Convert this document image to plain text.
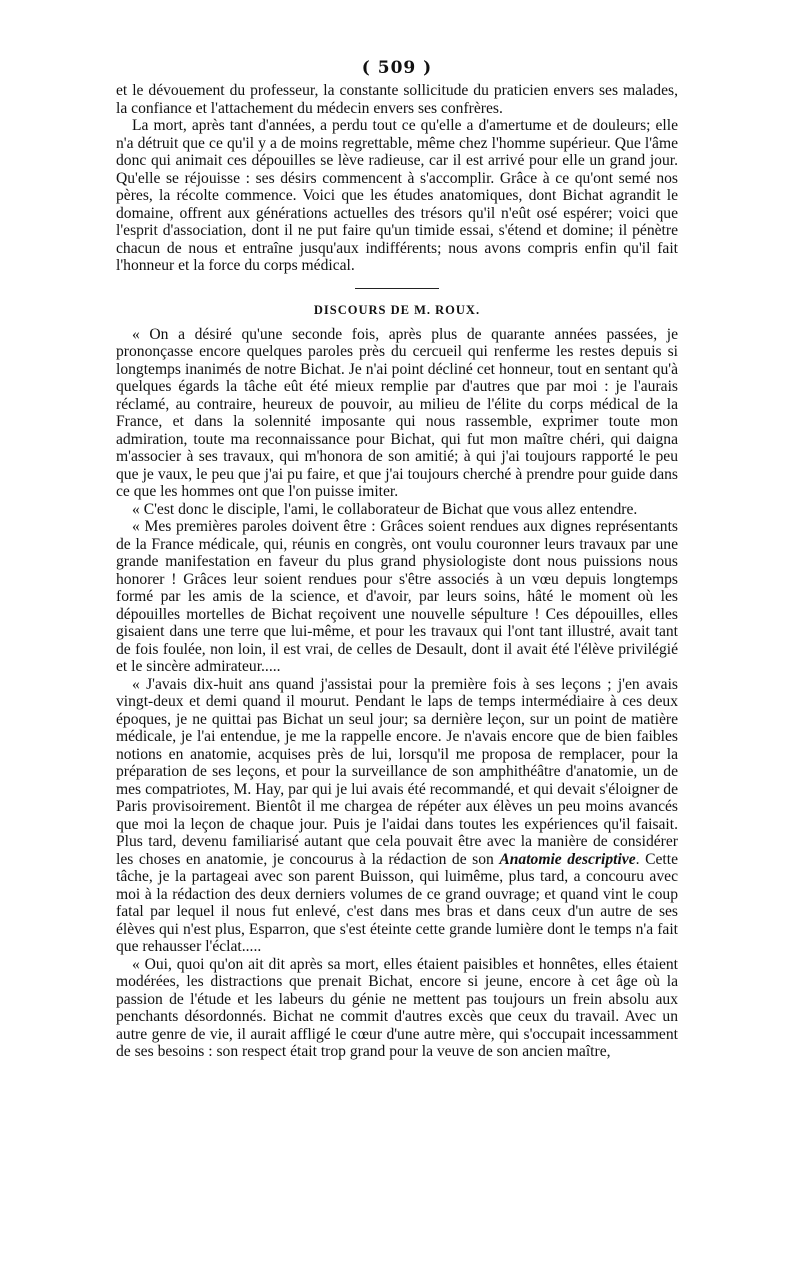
( 509 )

et le dévouement du professeur, la constante sollicitude du praticien envers ses malades, la confiance et l'attachement du médecin envers ses confrères.

La mort, après tant d'années, a perdu tout ce qu'elle a d'amertume et de douleurs; elle n'a détruit que ce qu'il y a de moins regrettable, même chez l'homme supérieur. Que l'âme donc qui animait ces dépouilles se lève radieuse, car il est arrivé pour elle un grand jour. Qu'elle se réjouisse : ses désirs commencent à s'accomplir. Grâce à ce qu'ont semé nos pères, la récolte commence. Voici que les études anatomiques, dont Bichat agrandit le domaine, offrent aux générations actuelles des trésors qu'il n'eût osé espérer; voici que l'esprit d'association, dont il ne put faire qu'un timide essai, s'étend et domine; il pénètre chacun de nous et entraîne jusqu'aux indifférents; nous avons compris enfin qu'il fait l'honneur et la force du corps médical.

DISCOURS DE M. ROUX.

« On a désiré qu'une seconde fois, après plus de quarante années passées, je prononçasse encore quelques paroles près du cercueil qui renferme les restes depuis si longtemps inanimés de notre Bichat. Je n'ai point décliné cet honneur, tout en sentant qu'à quelques égards la tâche eût été mieux remplie par d'autres que par moi : je l'aurais réclamé, au contraire, heureux de pouvoir, au milieu de l'élite du corps médical de la France, et dans la solennité imposante qui nous rassemble, exprimer toute mon admiration, toute ma reconnaissance pour Bichat, qui fut mon maître chéri, qui daigna m'associer à ses travaux, qui m'honora de son amitié; à qui j'ai toujours rapporté le peu que je vaux, le peu que j'ai pu faire, et que j'ai toujours cherché à prendre pour guide dans ce que les hommes ont que l'on puisse imiter.

« C'est donc le disciple, l'ami, le collaborateur de Bichat que vous allez entendre.

« Mes premières paroles doivent être : Grâces soient rendues aux dignes représentants de la France médicale, qui, réunis en congrès, ont voulu couronner leurs travaux par une grande manifestation en faveur du plus grand physiologiste dont nous puissions nous honorer ! Grâces leur soient rendues pour s'être associés à un vœu depuis longtemps formé par les amis de la science, et d'avoir, par leurs soins, hâté le moment où les dépouilles mortelles de Bichat reçoivent une nouvelle sépulture ! Ces dépouilles, elles gisaient dans une terre que lui-même, et pour les travaux qui l'ont tant illustré, avait tant de fois foulée, non loin, il est vrai, de celles de Desault, dont il avait été l'élève privilégié et le sincère admirateur.....

« J'avais dix-huit ans quand j'assistai pour la première fois à ses leçons ; j'en avais vingt-deux et demi quand il mourut. Pendant le laps de temps intermédiaire à ces deux époques, je ne quittai pas Bichat un seul jour; sa dernière leçon, sur un point de matière médicale, je l'ai entendue, je me la rappelle encore. Je n'avais encore que de bien faibles notions en anatomie, acquises près de lui, lorsqu'il me proposa de remplacer, pour la préparation de ses leçons, et pour la surveillance de son amphithéâtre d'anatomie, un de mes compatriotes, M. Hay, par qui je lui avais été recommandé, et qui devait s'éloigner de Paris provisoirement. Bientôt il me chargea de répéter aux élèves un peu moins avancés que moi la leçon de chaque jour. Puis je l'aidai dans toutes les expériences qu'il faisait. Plus tard, devenu familiarisé autant que cela pouvait être avec la manière de considérer les choses en anatomie, je concourus à la rédaction de son Anatomie descriptive. Cette tâche, je la partageai avec son parent Buisson, qui luimême, plus tard, a concouru avec moi à la rédaction des deux derniers volumes de ce grand ouvrage; et quand vint le coup fatal par lequel il nous fut enlevé, c'est dans mes bras et dans ceux d'un autre de ses élèves qui n'est plus, Esparron, que s'est éteinte cette grande lumière dont le temps n'a fait que rehausser l'éclat.....

« Oui, quoi qu'on ait dit après sa mort, elles étaient paisibles et honnêtes, elles étaient modérées, les distractions que prenait Bichat, encore si jeune, encore à cet âge où la passion de l'étude et les labeurs du génie ne mettent pas toujours un frein absolu aux penchants désordonnés. Bichat ne commit d'autres excès que ceux du travail. Avec un autre genre de vie, il aurait affligé le cœur d'une autre mère, qui s'occupait incessamment de ses besoins : son respect était trop grand pour la veuve de son ancien maître,
